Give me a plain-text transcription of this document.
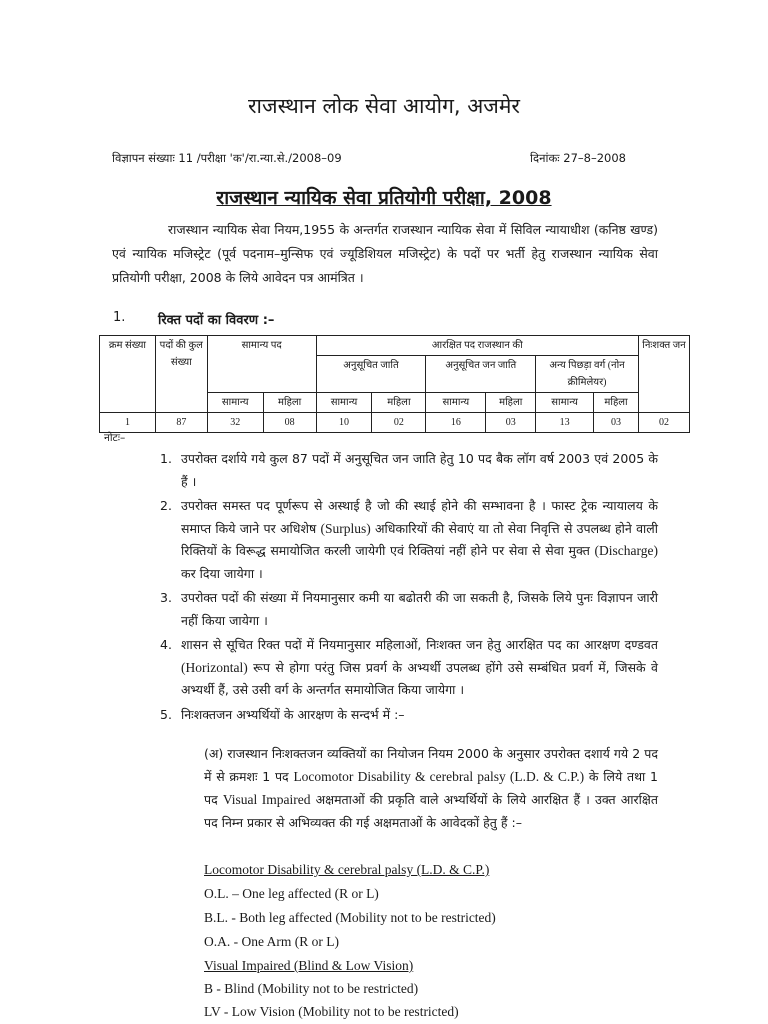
राजस्थान लोक सेवा आयोग, अजमेर
विज्ञापन संख्याः 11 /परीक्षा 'क'/रा.न्या.से./2008–09	दिनांकः 27–8–2008
राजस्थान न्यायिक सेवा प्रतियोगी परीक्षा, 2008

राजस्थान न्यायिक सेवा नियम,1955 के अन्तर्गत राजस्थान न्यायिक सेवा में सिविल न्यायाधीश (कनिष्ठ खण्ड) एवं न्यायिक मजिस्ट्रेट (पूर्व पदनाम–मुन्सिफ एवं ज्यूडिशियल मजिस्ट्रेट) के पदों पर भर्ती हेतु राजस्थान न्यायिक सेवा प्रतियोगी परीक्षा, 2008 के लिये आवेदन पत्र आमंत्रित ।

1.	रिक्त पदों का विवरण :–
क्रम संख्या	पदों की कुल संख्या	सामान्य पद		आरक्षित पद राजस्थान की						निःशक्त जन
				अनुसूचित जाति		अनुसूचित जन जाति		अन्य पिछड़ा वर्ग (नोन क्रीमिलेयर)		
		सामान्य	महिला	सामान्य	महिला	सामान्य	महिला	सामान्य	महिला	
1	87	32	08	10	02	16	03	13	03	02
नोटः–
1. उपरोक्त दर्शाये गये कुल 87 पदों में अनुसूचित जन जाति हेतु 10 पद बैक लॉग वर्ष 2003 एवं 2005 के हैं ।
2. उपरोक्त समस्त पद पूर्णरूप से अस्थाई है जो की स्थाई होने की सम्भावना है । फास्ट ट्रेक न्यायालय के समाप्त किये जाने पर अधिशेष (Surplus) अधिकारियों की सेवाएं या तो सेवा निवृत्ति से उपलब्ध होने वाली रिक्तियों के विरूद्ध समायोजित करली जायेगी एवं रिक्तियां नहीं होने पर सेवा से सेवा मुक्त (Discharge) कर दिया जायेगा ।
3. उपरोक्त पदों की संख्या में नियमानुसार कमी या बढोतरी की जा सकती है, जिसके लिये पुनः विज्ञापन जारी नहीं किया जायेगा ।
4. शासन से सूचित रिक्त पदों में नियमानुसार महिलाओं, निःशक्त जन हेतु आरक्षित पद का आरक्षण दण्डवत (Horizontal) रूप से होगा परंतु जिस प्रवर्ग के अभ्यर्थी उपलब्ध होंगे उसे सम्बंधित प्रवर्ग में, जिसके वे अभ्यर्थी हैं, उसे उसी वर्ग के अन्तर्गत समायोजित किया जायेगा ।
5. निःशक्तजन अभ्यर्थियों के आरक्षण के सन्दर्भ में :–
(अ) राजस्थान निःशक्तजन व्यक्तियों का नियोजन नियम 2000 के अनुसार उपरोक्त दशार्य गये 2 पद में से क्रमशः 1 पद Locomotor Disability & cerebral palsy (L.D. & C.P.) के लिये तथा 1 पद Visual Impaired अक्षमताओं की प्रकृति वाले अभ्यर्थियों के लिये आरक्षित हैं । उक्त आरक्षित पद निम्न प्रकार से अभिव्यक्त की गई अक्षमताओं के आवेदकों हेतु हैं :–
Locomotor Disability & cerebral palsy (L.D. & C.P.)
O.L. – One leg affected (R or L)
B.L. - Both leg affected (Mobility not to be restricted)
O.A. - One Arm (R or L)
Visual Impaired (Blind & Low Vision)
B - Blind (Mobility not to be restricted)
LV - Low Vision (Mobility not to be restricted)
